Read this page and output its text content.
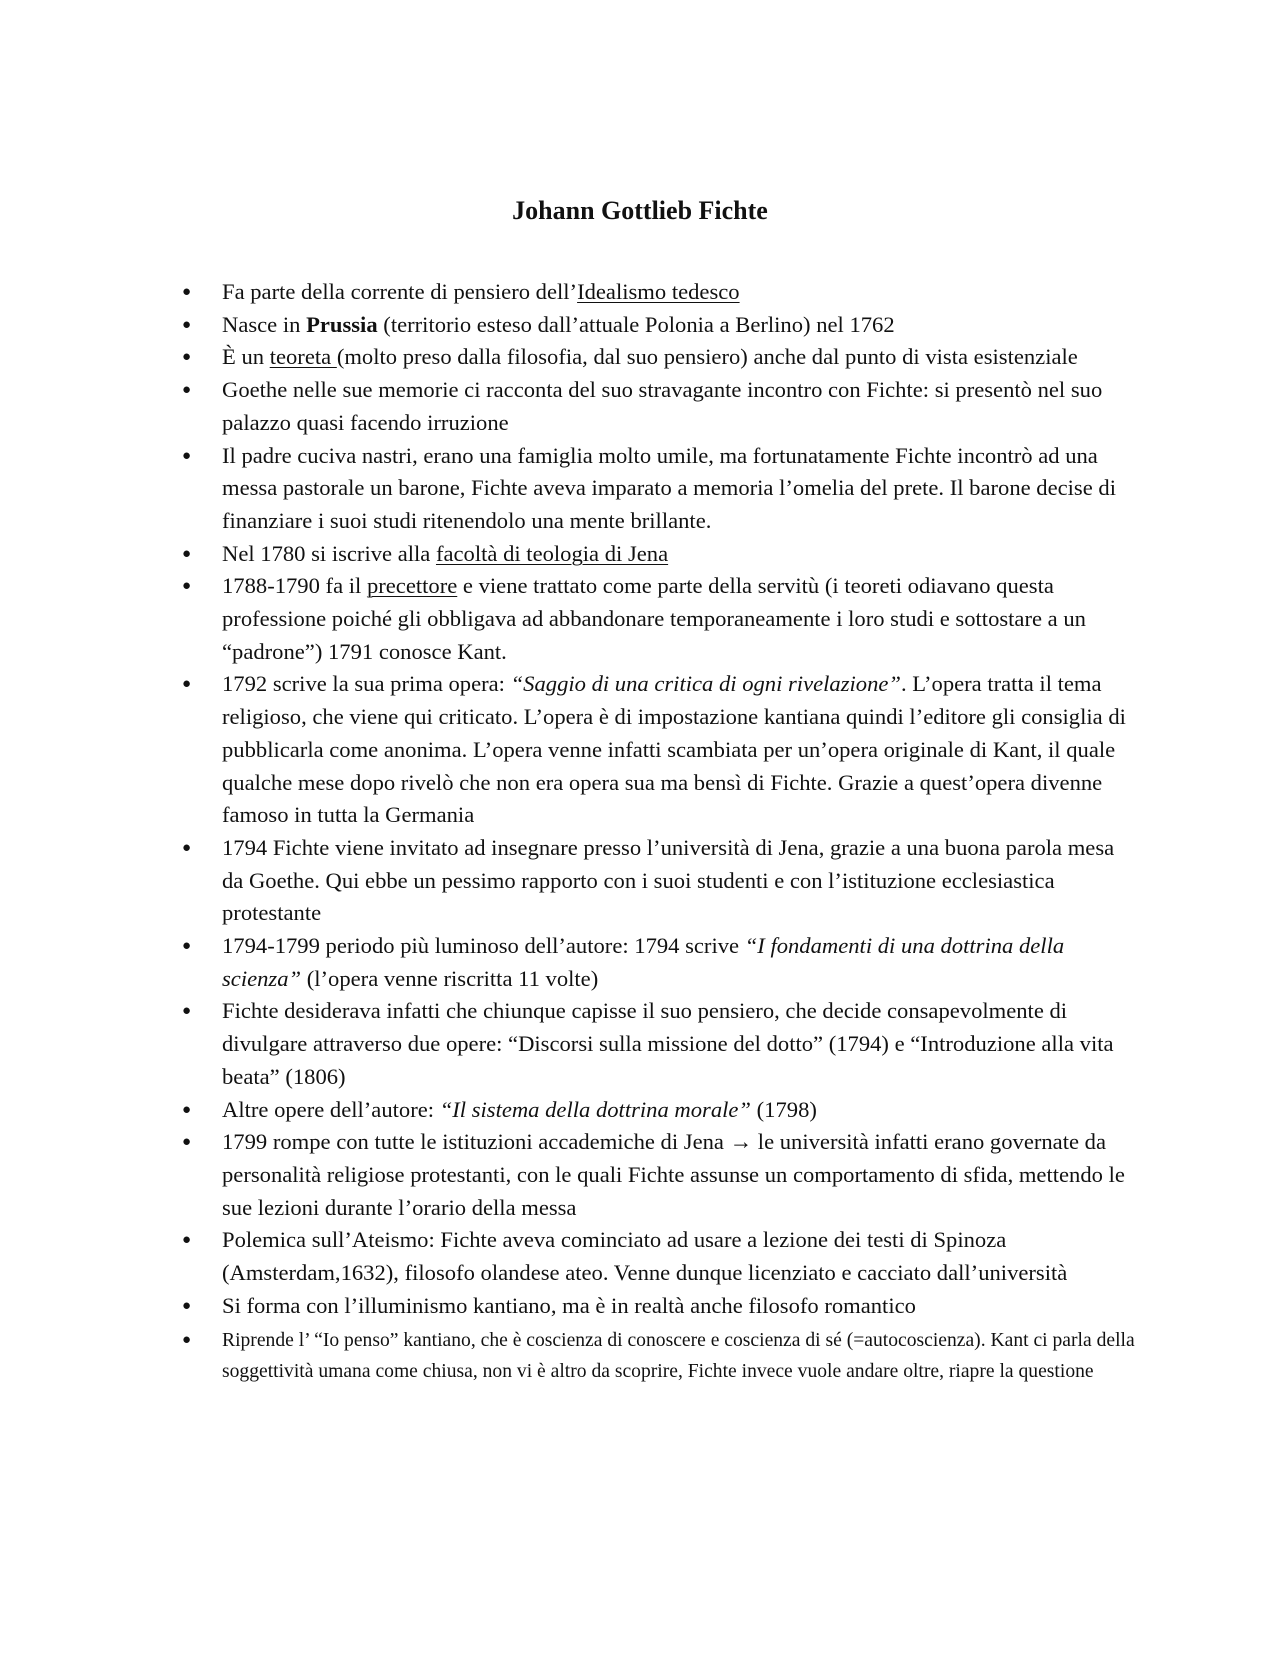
Johann Gottlieb Fichte
●	Fa parte della corrente di pensiero dell’Idealismo tedesco
●	Nasce in Prussia (territorio esteso dall’attuale Polonia a Berlino) nel 1762
●	È un teoreta (molto preso dalla filosofia, dal suo pensiero) anche dal punto di vista esistenziale
●	Goethe nelle sue memorie ci racconta del suo stravagante incontro con Fichte: si presentò nel suo palazzo quasi facendo irruzione
●	Il padre cuciva nastri, erano una famiglia molto umile, ma fortunatamente Fichte incontrò ad una messa pastorale un barone, Fichte aveva imparato a memoria l’omelia del prete. Il barone decise di finanziare i suoi studi ritenendolo una mente brillante.
●	Nel 1780 si iscrive alla facoltà di teologia di Jena
●	1788-1790 fa il precettore e viene trattato come parte della servitù (i teoreti odiavano questa professione poiché gli obbligava ad abbandonare temporaneamente i loro studi e sottostare a un “padrone”) 1791 conosce Kant.
●	1792 scrive la sua prima opera: “Saggio di una critica di ogni rivelazione”. L’opera tratta il tema religioso, che viene qui criticato. L’opera è di impostazione kantiana quindi l’editore gli consiglia di pubblicarla come anonima. L’opera venne infatti scambiata per un’opera originale di Kant, il quale qualche mese dopo rivelò che non era opera sua ma bensì di Fichte. Grazie a quest’opera divenne famoso in tutta la Germania
●	1794 Fichte viene invitato ad insegnare presso l’università di Jena, grazie a una buona parola mesa da Goethe. Qui ebbe un pessimo rapporto con i suoi studenti e con l’istituzione ecclesiastica protestante
●	1794-1799 periodo più luminoso dell’autore: 1794 scrive “I fondamenti di una dottrina della scienza” (l’opera venne riscritta 11 volte)
●	Fichte desiderava infatti che chiunque capisse il suo pensiero, che decide consapevolmente di divulgare attraverso due opere: “Discorsi sulla missione del dotto” (1794) e “Introduzione alla vita beata” (1806)
●	Altre opere dell’autore: “Il sistema della dottrina morale” (1798)
●	1799 rompe con tutte le istituzioni accademiche di Jena → le università infatti erano governate da personalità religiose protestanti, con le quali Fichte assunse un comportamento di sfida, mettendo le sue lezioni durante l’orario della messa
●	Polemica sull’Ateismo: Fichte aveva cominciato ad usare a lezione dei testi di Spinoza (Amsterdam,1632), filosofo olandese ateo. Venne dunque licenziato e cacciato dall’università
●	Si forma con l’illuminismo kantiano, ma è in realtà anche filosofo romantico
●	Riprende l’ “Io penso” kantiano, che è coscienza di conoscere e coscienza di sé (=autocoscienza). Kant ci parla della soggettività umana come chiusa, non vi è altro da scoprire, Fichte invece vuole andare oltre, riapre la questione
